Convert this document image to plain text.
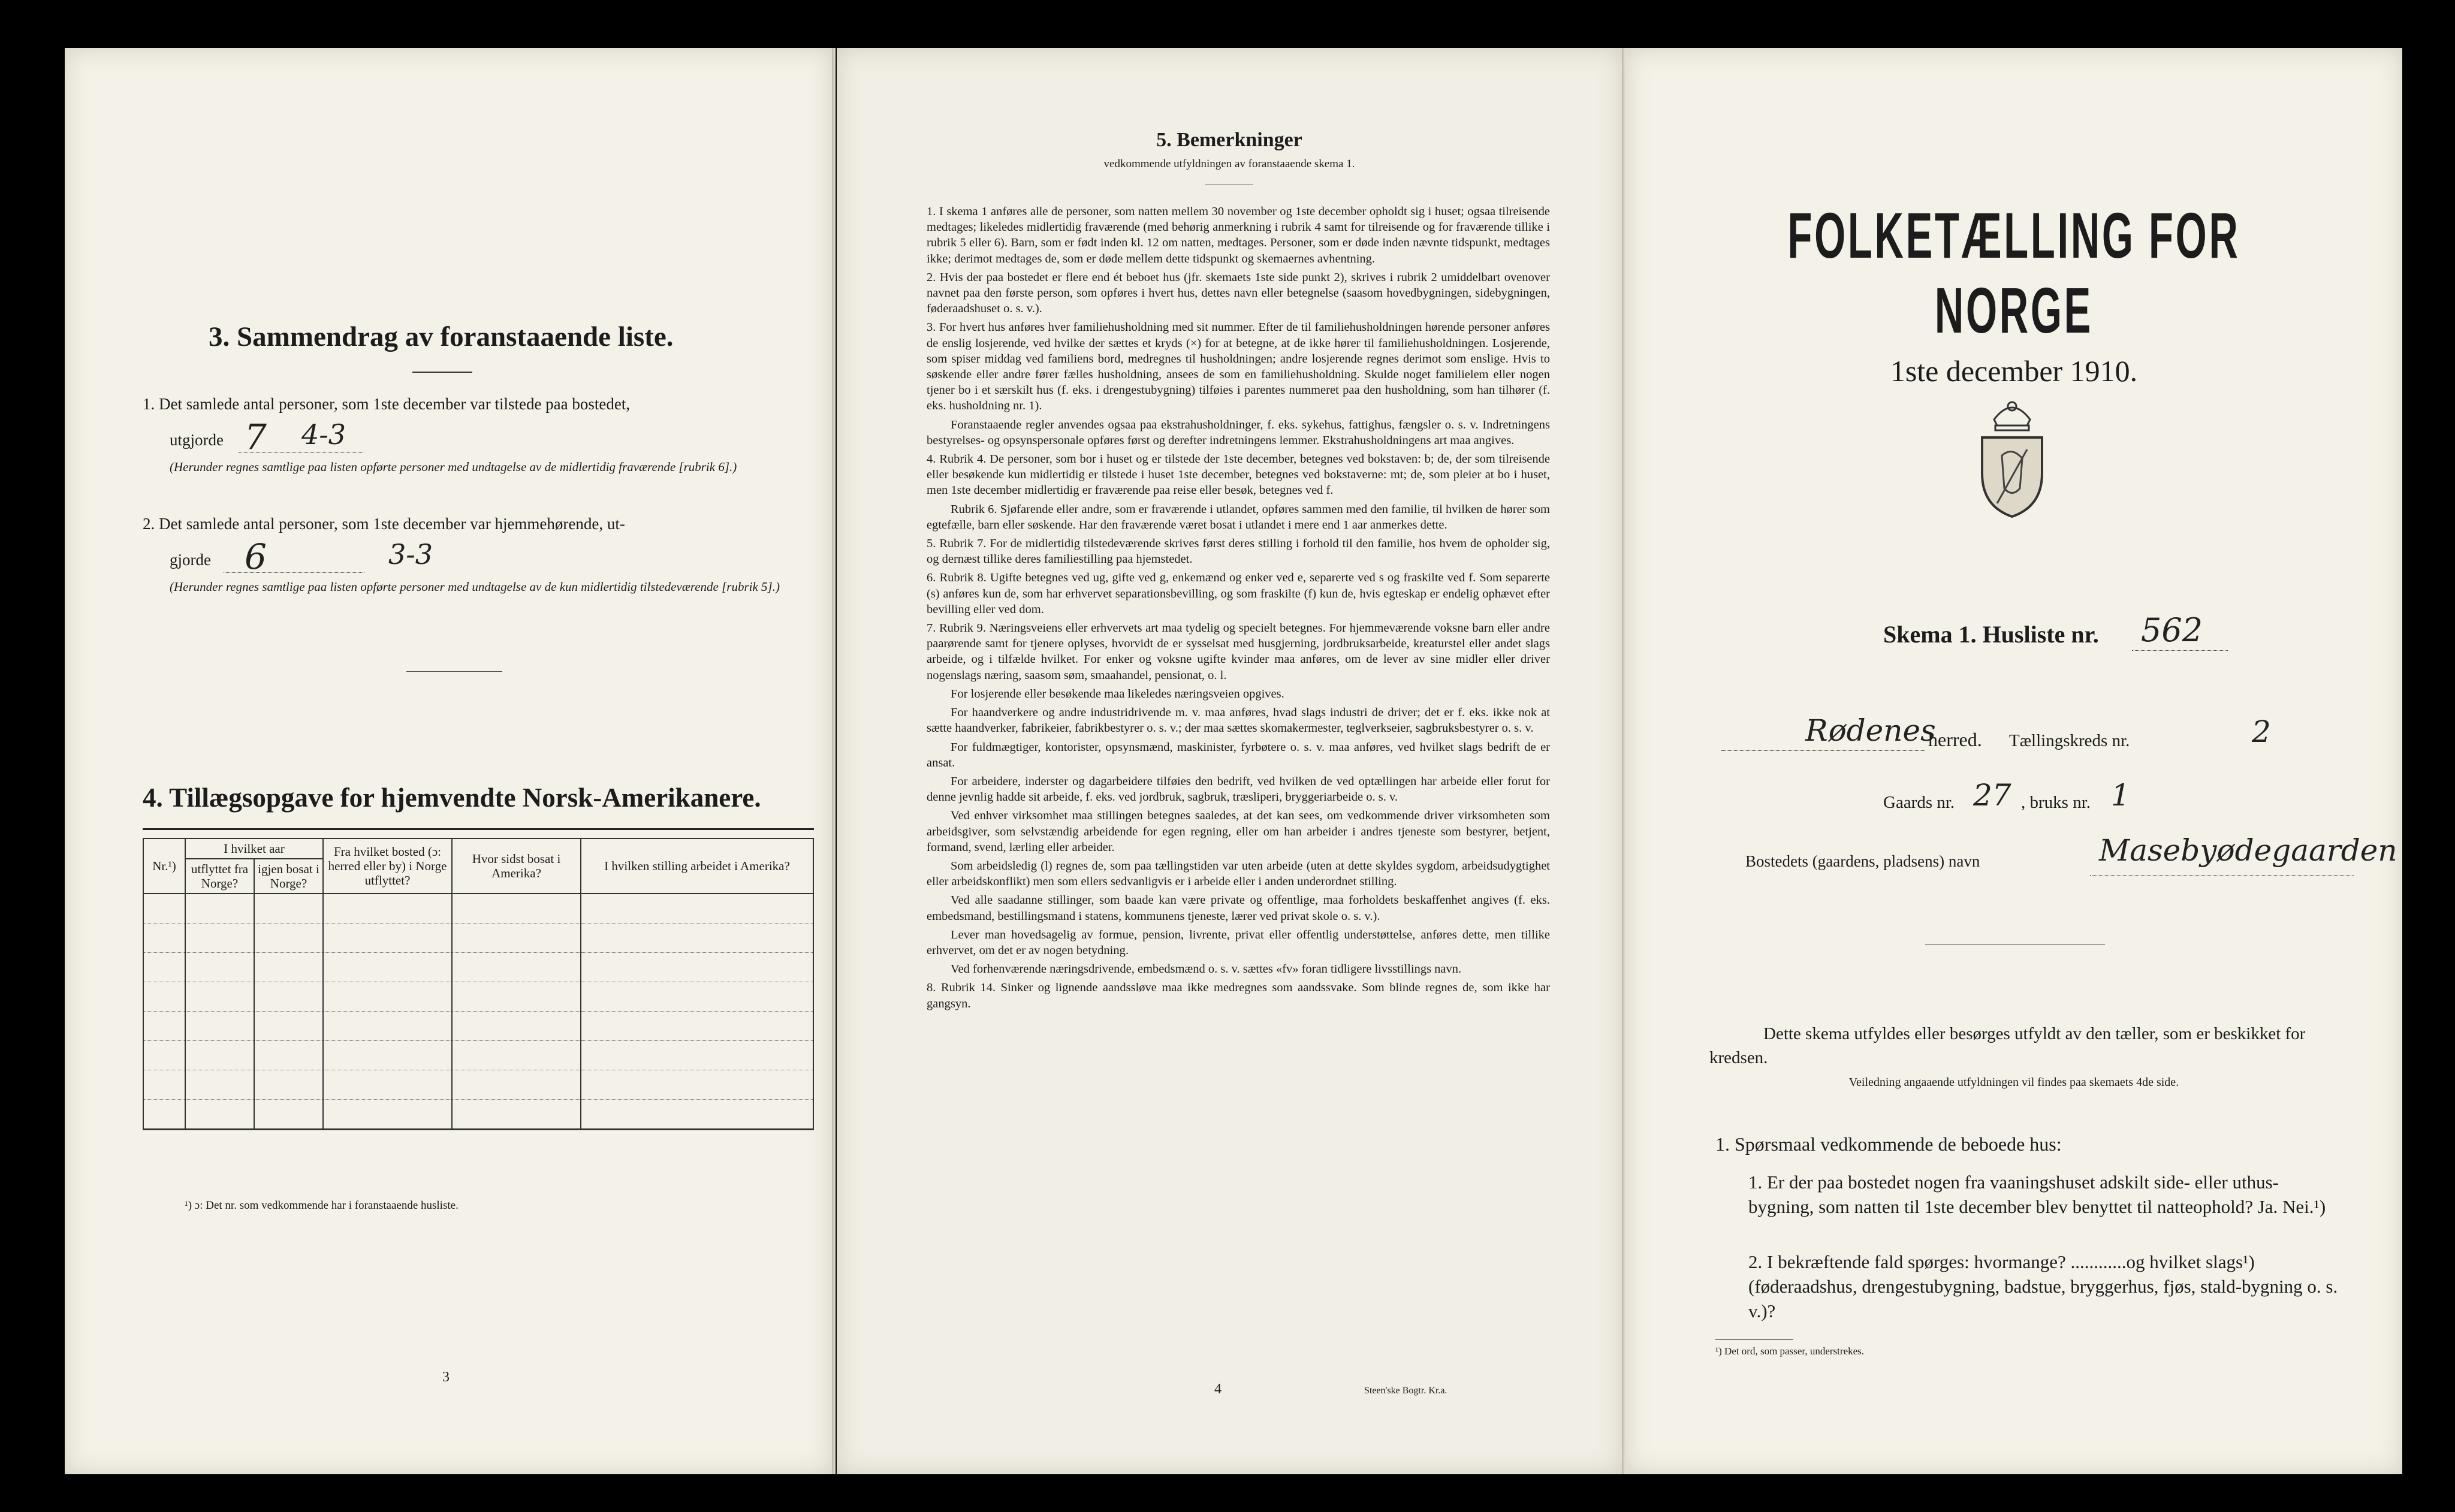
3. Sammendrag av foranstaaende liste.
1. Det samlede antal personer, som 1ste december var tilstede paa bostedet,
utgjorde 7 4-3
(Herunder regnes samtlige paa listen opførte personer med undtagelse av de midlertidig fraværende [rubrik 6].)
2. Det samlede antal personer, som 1ste december var hjemmehørende, ut-
gjorde 6	3-3
(Herunder regnes samtlige paa listen opførte personer med undtagelse av de kun midlertidig tilstedeværende [rubrik 5].)
4. Tillægsopgave for hjemvendte Norsk-Amerikanere.
Nr.¹)	I hvilket aar		Fra hvilket bosted (ɔ: herred eller by) i Norge utflyttet?	Hvor sidst bosat i Amerika?	I hvilken stilling arbeidet i Amerika?
	utflyttet fra Norge?	igjen bosat i Norge?			

¹) ɔ: Det nr. som vedkommende har i foranstaaende husliste.
3
5. Bemerkninger
vedkommende utfyldningen av foranstaaende skema 1.

1. I skema 1 anføres alle de personer, som natten mellem 30 november og 1ste december opholdt sig i huset; ogsaa tilreisende medtages; likeledes midlertidig fraværende (med behørig anmerkning i rubrik 4 samt for tilreisende og for fraværende tillike i rubrik 5 eller 6). Barn, som er født inden kl. 12 om natten, medtages. Personer, som er døde inden nævnte tidspunkt, medtages ikke; derimot medtages de, som er døde mellem dette tidspunkt og skemaernes avhentning.

2. Hvis der paa bostedet er flere end ét beboet hus (jfr. skemaets 1ste side punkt 2), skrives i rubrik 2 umiddelbart ovenover navnet paa den første person, som opføres i hvert hus, dettes navn eller betegnelse (saasom hovedbygningen, sidebygningen, føderaadshuset o. s. v.).

3. For hvert hus anføres hver familiehusholdning med sit nummer. Efter de til familiehusholdningen hørende personer anføres de enslig losjerende, ved hvilke der sættes et kryds (×) for at betegne, at de ikke hører til familiehusholdningen. Losjerende, som spiser middag ved familiens bord, medregnes til husholdningen; andre losjerende regnes derimot som enslige. Hvis to søskende eller andre fører fælles husholdning, ansees de som en familiehusholdning. Skulde noget familielem eller nogen tjener bo i et særskilt hus (f. eks. i drengestubygning) tilføies i parentes nummeret paa den husholdning, som han tilhører (f. eks. husholdning nr. 1).

Foranstaaende regler anvendes ogsaa paa ekstrahusholdninger, f. eks. sykehus, fattighus, fængsler o. s. v. Indretningens bestyrelses- og opsynspersonale opføres først og derefter indretningens lemmer. Ekstrahusholdningens art maa angives.

4. Rubrik 4. De personer, som bor i huset og er tilstede der 1ste december, betegnes ved bokstaven: b; de, der som tilreisende eller besøkende kun midlertidig er tilstede i huset 1ste december, betegnes ved bokstaverne: mt; de, som pleier at bo i huset, men 1ste december midlertidig er fraværende paa reise eller besøk, betegnes ved f.

Rubrik 6. Sjøfarende eller andre, som er fraværende i utlandet, opføres sammen med den familie, til hvilken de hører som egtefælle, barn eller søskende. Har den fraværende været bosat i utlandet i mere end 1 aar anmerkes dette.

5. Rubrik 7. For de midlertidig tilstedeværende skrives først deres stilling i forhold til den familie, hos hvem de opholder sig, og dernæst tillike deres familiestilling paa hjemstedet.

6. Rubrik 8. Ugifte betegnes ved ug, gifte ved g, enkemænd og enker ved e, separerte ved s og fraskilte ved f. Som separerte (s) anføres kun de, som har erhvervet separationsbevilling, og som fraskilte (f) kun de, hvis egteskap er endelig ophævet efter bevilling eller ved dom.

7. Rubrik 9. Næringsveiens eller erhvervets art maa tydelig og specielt betegnes. For hjemmeværende voksne barn eller andre paarørende samt for tjenere oplyses, hvorvidt de er sysselsat med husgjerning, jordbruksarbeide, kreaturstel eller andet slags arbeide, og i tilfælde hvilket. For enker og voksne ugifte kvinder maa anføres, om de lever av sine midler eller driver nogenslags næring, saasom søm, smaahandel, pensionat, o. l.

For losjerende eller besøkende maa likeledes næringsveien opgives.

For haandverkere og andre industridrivende m. v. maa anføres, hvad slags industri de driver; det er f. eks. ikke nok at sætte haandverker, fabrikeier, fabrikbestyrer o. s. v.; der maa sættes skomakermester, teglverkseier, sagbruksbestyrer o. s. v.

For fuldmægtiger, kontorister, opsynsmænd, maskinister, fyrbøtere o. s. v. maa anføres, ved hvilket slags bedrift de er ansat.

For arbeidere, inderster og dagarbeidere tilføies den bedrift, ved hvilken de ved optællingen har arbeide eller forut for denne jevnlig hadde sit arbeide, f. eks. ved jordbruk, sagbruk, træsliperi, bryggeriarbeide o. s. v.

Ved enhver virksomhet maa stillingen betegnes saaledes, at det kan sees, om vedkommende driver virksomheten som arbeidsgiver, som selvstændig arbeidende for egen regning, eller om han arbeider i andres tjeneste som bestyrer, betjent, formand, svend, lærling eller arbeider.

Som arbeidsledig (l) regnes de, som paa tællingstiden var uten arbeide (uten at dette skyldes sygdom, arbeidsudygtighet eller arbeidskonflikt) men som ellers sedvanligvis er i arbeide eller i anden underordnet stilling.

Ved alle saadanne stillinger, som baade kan være private og offentlige, maa forholdets beskaffenhet angives (f. eks. embedsmand, bestillingsmand i statens, kommunens tjeneste, lærer ved privat skole o. s. v.).

Lever man hovedsagelig av formue, pension, livrente, privat eller offentlig understøttelse, anføres dette, men tillike erhvervet, om det er av nogen betydning.

Ved forhenværende næringsdrivende, embedsmænd o. s. v. sættes «fv» foran tidligere livsstillings navn.

8. Rubrik 14. Sinker og lignende aandssløve maa ikke medregnes som aandssvake. Som blinde regnes de, som ikke har gangsyn.

4	Steen'ske Bogtr. Kr.a.
FOLKETÆLLING FOR NORGE
1ste december 1910.
Skema 1. Husliste nr. 562
Rødenes
herred. Tællingskreds nr.	2
Gaards nr. 27 , bruks nr. 1
Bostedets (gaardens, pladsens) navn	Masebyødegaarden
Dette skema utfyldes eller besørges utfyldt av den tæller, som er beskikket for kredsen.
Veiledning angaaende utfyldningen vil findes paa skemaets 4de side.
1. Spørsmaal vedkommende de beboede hus:
1. Er der paa bostedet nogen fra vaaningshuset adskilt side- eller uthus-bygning, som natten til 1ste december blev benyttet til natteophold? Ja. Nei.¹)
2. I bekræftende fald spørges: hvormange? ............og hvilket slags¹) (føderaadshus, drengestubygning, badstue, bryggerhus, fjøs, stald-bygning o. s. v.)?
¹) Det ord, som passer, understrekes.
